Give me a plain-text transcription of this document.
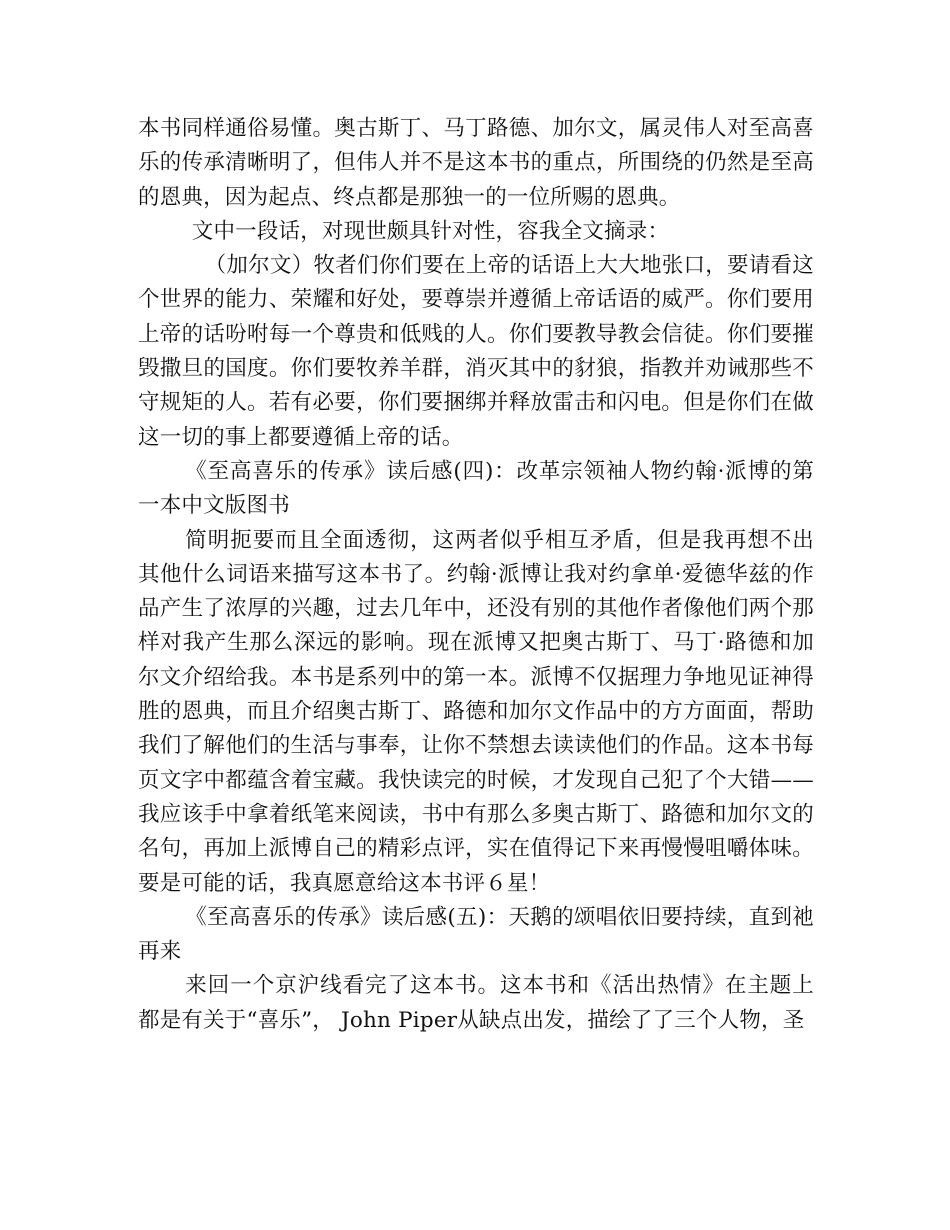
本书同样通俗易懂。奥古斯丁、马丁路德、加尔文，属灵伟人对至高喜乐的传承清晰明了，但伟人并不是这本书的重点，所围绕的仍然是至高的恩典，因为起点、终点都是那独一的一位所赐的恩典。

文中一段话，对现世颇具针对性，容我全文摘录：

（加尔文）牧者们你们要在上帝的话语上大大地张口，要请看这个世界的能力、荣耀和好处，要尊崇并遵循上帝话语的威严。你们要用上帝的话吩咐每一个尊贵和低贱的人。你们要教导教会信徒。你们要摧毁撒旦的国度。你们要牧养羊群，消灭其中的豺狼，指教并劝诫那些不守规矩的人。若有必要，你们要捆绑并释放雷击和闪电。但是你们在做这一切的事上都要遵循上帝的话。

《至高喜乐的传承》读后感(四)：改革宗领袖人物约翰·派博的第一本中文版图书

简明扼要而且全面透彻，这两者似乎相互矛盾，但是我再想不出其他什么词语来描写这本书了。约翰·派博让我对约拿单·爱德华兹的作品产生了浓厚的兴趣，过去几年中，还没有别的其他作者像他们两个那样对我产生那么深远的影响。现在派博又把奥古斯丁、马丁·路德和加尔文介绍给我。本书是系列中的第一本。派博不仅据理力争地见证神得胜的恩典，而且介绍奥古斯丁、路德和加尔文作品中的方方面面，帮助我们了解他们的生活与事奉，让你不禁想去读读他们的作品。这本书每页文字中都蕴含着宝藏。我快读完的时候，才发现自己犯了个大错——我应该手中拿着纸笔来阅读，书中有那么多奥古斯丁、路德和加尔文的名句，再加上派博自己的精彩点评，实在值得记下来再慢慢咀嚼体味。要是可能的话，我真愿意给这本书评６星！

《至高喜乐的传承》读后感(五)：天鹅的颂唱依旧要持续，直到祂再来

来回一个京沪线看完了这本书。这本书和《活出热情》在主题上都是有关于“喜乐”， John Piper从缺点出发，描绘了了三个人物，圣
